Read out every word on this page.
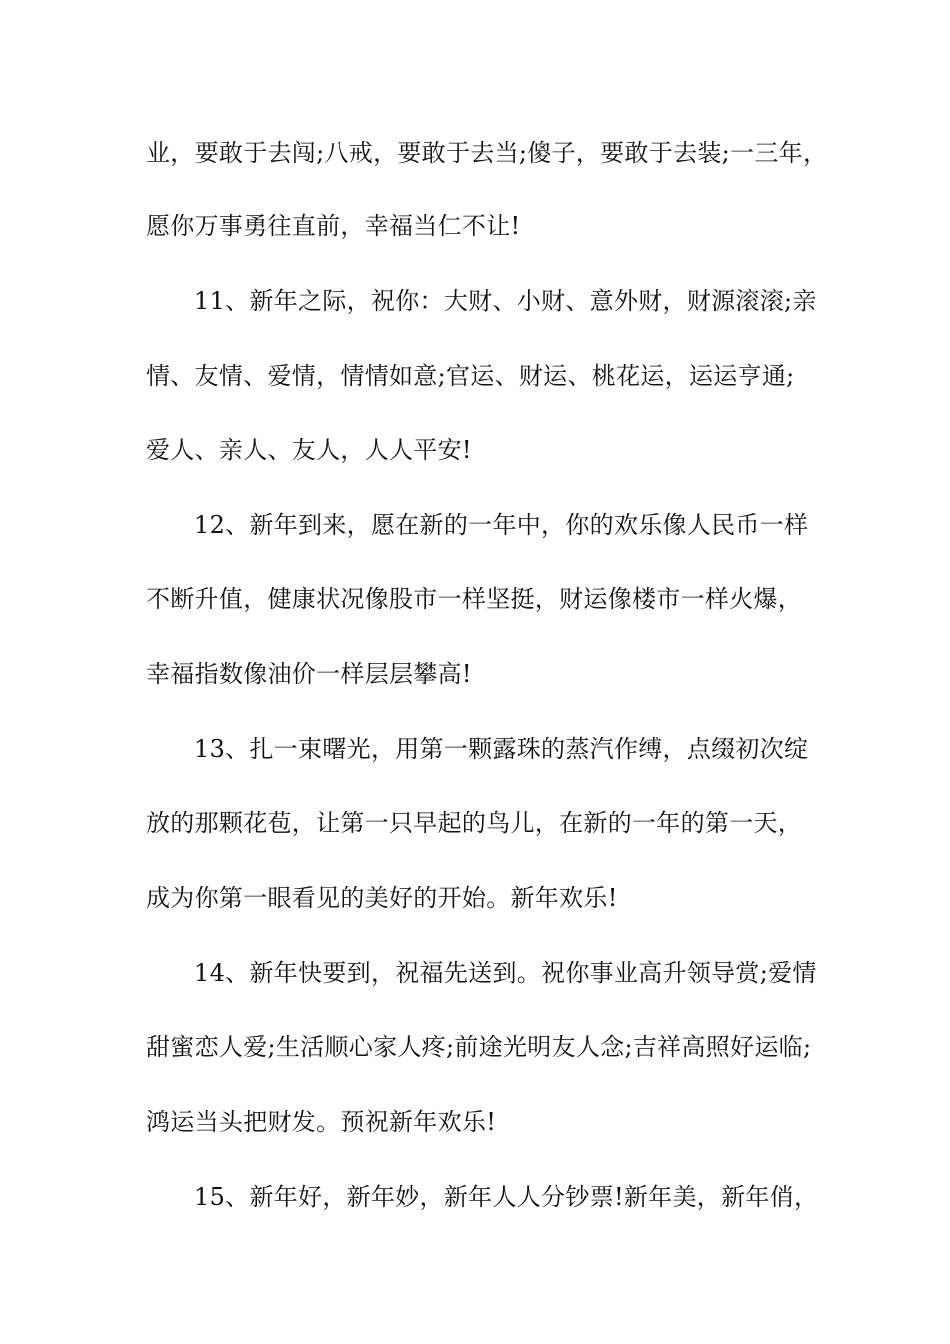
业，要敢于去闯;八戒，要敢于去当;傻子，要敢于去装;一三年，
愿你万事勇往直前，幸福当仁不让!
11、新年之际，祝你：大财、小财、意外财，财源滚滚;亲
情、友情、爱情，情情如意;官运、财运、桃花运，运运亨通;
爱人、亲人、友人，人人平安!
12、新年到来，愿在新的一年中，你的欢乐像人民币一样
不断升值，健康状况像股市一样坚挺，财运像楼市一样火爆，
幸福指数像油价一样层层攀高!
13、扎一束曙光，用第一颗露珠的蒸汽作缚，点缀初次绽
放的那颗花苞，让第一只早起的鸟儿，在新的一年的第一天，
成为你第一眼看见的美好的开始。新年欢乐!
14、新年快要到，祝福先送到。祝你事业高升领导赏;爱情
甜蜜恋人爱;生活顺心家人疼;前途光明友人念;吉祥高照好运临;
鸿运当头把财发。预祝新年欢乐!
15、新年好，新年妙，新年人人分钞票!新年美，新年俏，
